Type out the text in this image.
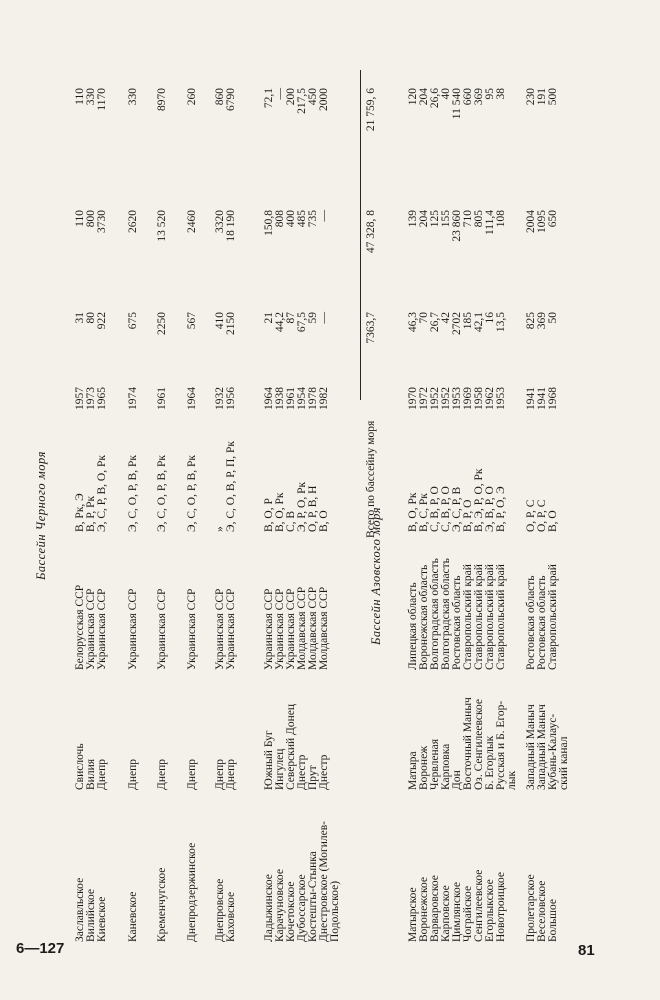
Бассейн Черного моря
Заславльское
Свислочь
Белорусская ССР
В, Рк, Э
1957
31
110
110
Вилийское
Вилия
Украинская ССР
В, Р, Рк
1973
80
800
330
Киевское
Днепр
Украинская ССР
Э, С, Р, В, О, Рк
1965
922
3730
1170
Каневское
Днепр
Украинская ССР
Э, С, О, Р, В, Рк
1974
675
2620
330
Кременчугское
Днепр
Украинская ССР
Э, С, О, Р, В, Рк
1961
2250
13 520
8970
Днепродзержинское
Днепр
Украинская ССР
Э, С, О, Р, В, Рк
1964
567
2460
260
Днепровское
Днепр
Украинская ССР
»
1932
410
3320
860
Каховское
Днепр
Украинская ССР
Э, С, О, В, Р, П, Рк
1956
2150
18 190
6790
Ладыжинское
Южный Буг
Украинская ССР
В, О, Р
1964
21
150,8
72,1
Карачуновское
Ингулец
Украинская ССР
В, О, Рк
1938
44,2
808
—
Кочетокское
Северский Донец
Украинская ССР
С, В
1961
87
400
200
Дубоссарское
Днестр
Молдавская ССР
Э, Р, О, Рк
1954
67,5
485
217,5
Костешты-Стынка
Прут
Молдавская ССР
О, Р, В, Н
1978
59
735
450
Днестровское (Могилев-
Днестр
Молдавская ССР
В, О
1982
—
—
2000
Подольское)
Всего по бассейну моря
7363,7
47 328, 8
21 759, 6
Бассейн Азовского моря
Матырское
Матыра
Липецкая область
В, О, Рк
1970
46,3
139
120
Воронежское
Воронеж
Воронежская область
В, С, Рк
1972
70
204
204
Варваровское
Червленая
Волгоградская область
С, В, Р, О
1952
26,7
125
26,6
Карповское
Карповка
Волгоградская область
С, В, Р, О
1952
42
155
40
Цимлянское
Дон
Ростовская область
Э, С, Р, В
1953
2702
23 860
11 540
Чограйское
Восточный Маныч
Ставропольский край
В, Р, О
1969
185
710
660
Сенгилеевское
Оз. Сенгилеевское
Ставропольский край
В, Э, Р, О, Рк
1958
42,1
805
369
Егорлыкское
Б. Егорлык
Ставропольский край
Э, В, Р, О
1962
16
111,4
95
Новотроицкое
Русская и Б. Егор-
Ставропольский край
В, Р, О, Э
1953
13,5
108
38
лык
Пролетарское
Западный Маныч
Ростовская область
О, Р, С
1941
825
2004
230
Веселовское
Западный Маныч
Ростовская область
О, Р, С
1941
369
1095
191
Большое
Кубань-Калаус-
Ставропольский край
В, О
1968
50
650
500
ский канал
6—127	81
